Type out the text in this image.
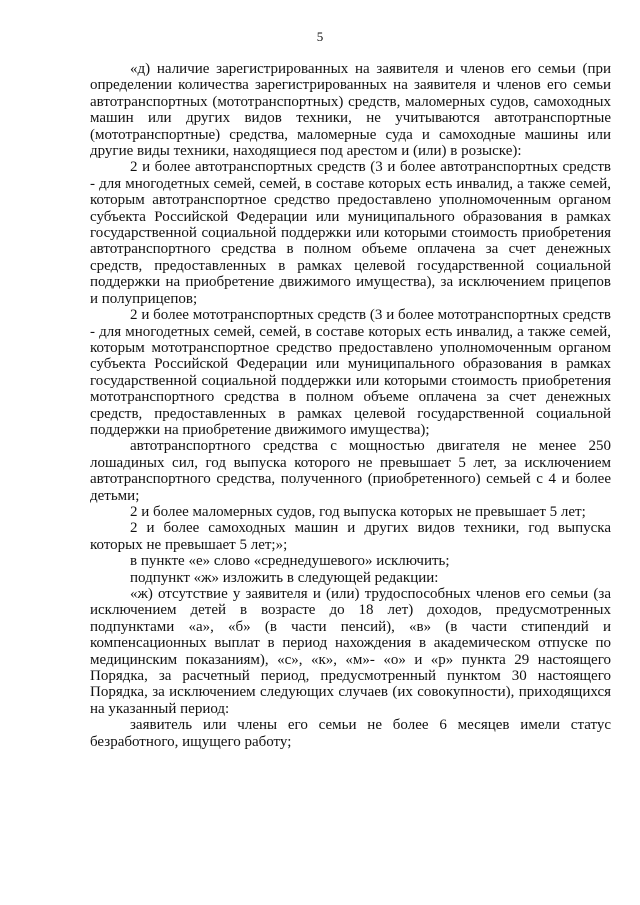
5

«д) наличие зарегистрированных на заявителя и членов его семьи (при определении количества зарегистрированных на заявителя и членов его семьи автотранспортных (мототранспортных) средств, маломерных судов, самоходных машин или других видов техники, не учитываются автотранспортные (мототранспортные) средства, маломерные суда и самоходные машины или другие виды техники, находящиеся под арестом и (или) в розыске):

2 и более автотранспортных средств (3 и более автотранспортных средств - для многодетных семей, семей, в составе которых есть инвалид, а также семей, которым автотранспортное средство предоставлено уполномоченным органом субъекта Российской Федерации или муниципального образования в рамках государственной социальной поддержки или которыми стоимость приобретения автотранспортного средства в полном объеме оплачена за счет денежных средств, предоставленных в рамках целевой государственной социальной поддержки на приобретение движимого имущества), за исключением прицепов и полуприцепов;

2 и более мототранспортных средств (3 и более мототранспортных средств - для многодетных семей, семей, в составе которых есть инвалид, а также семей, которым мототранспортное средство предоставлено уполномоченным органом субъекта Российской Федерации или муниципального образования в рамках государственной социальной поддержки или которыми стоимость приобретения мототранспортного средства в полном объеме оплачена за счет денежных средств, предоставленных в рамках целевой государственной социальной поддержки на приобретение движимого имущества);

автотранспортного средства с мощностью двигателя не менее 250 лошадиных сил, год выпуска которого не превышает 5 лет, за исключением автотранспортного средства, полученного (приобретенного) семьей с 4 и более детьми;

2 и более маломерных судов, год выпуска которых не превышает 5 лет;

2 и более самоходных машин и других видов техники, год выпуска которых не превышает 5 лет;»;

в пункте «е» слово «среднедушевого» исключить;

подпункт «ж» изложить в следующей редакции:

«ж) отсутствие у заявителя и (или) трудоспособных членов его семьи (за исключением детей в возрасте до 18 лет) доходов, предусмотренных подпунктами «а», «б» (в части пенсий), «в» (в части стипендий и компенсационных выплат в период нахождения в академическом отпуске по медицинским показаниям), «с», «к», «м»- «о» и «р» пункта 29 настоящего Порядка, за расчетный период, предусмотренный пунктом 30 настоящего Порядка, за исключением следующих случаев (их совокупности), приходящихся на указанный период:

заявитель или члены его семьи не более 6 месяцев имели статус безработного, ищущего работу;
